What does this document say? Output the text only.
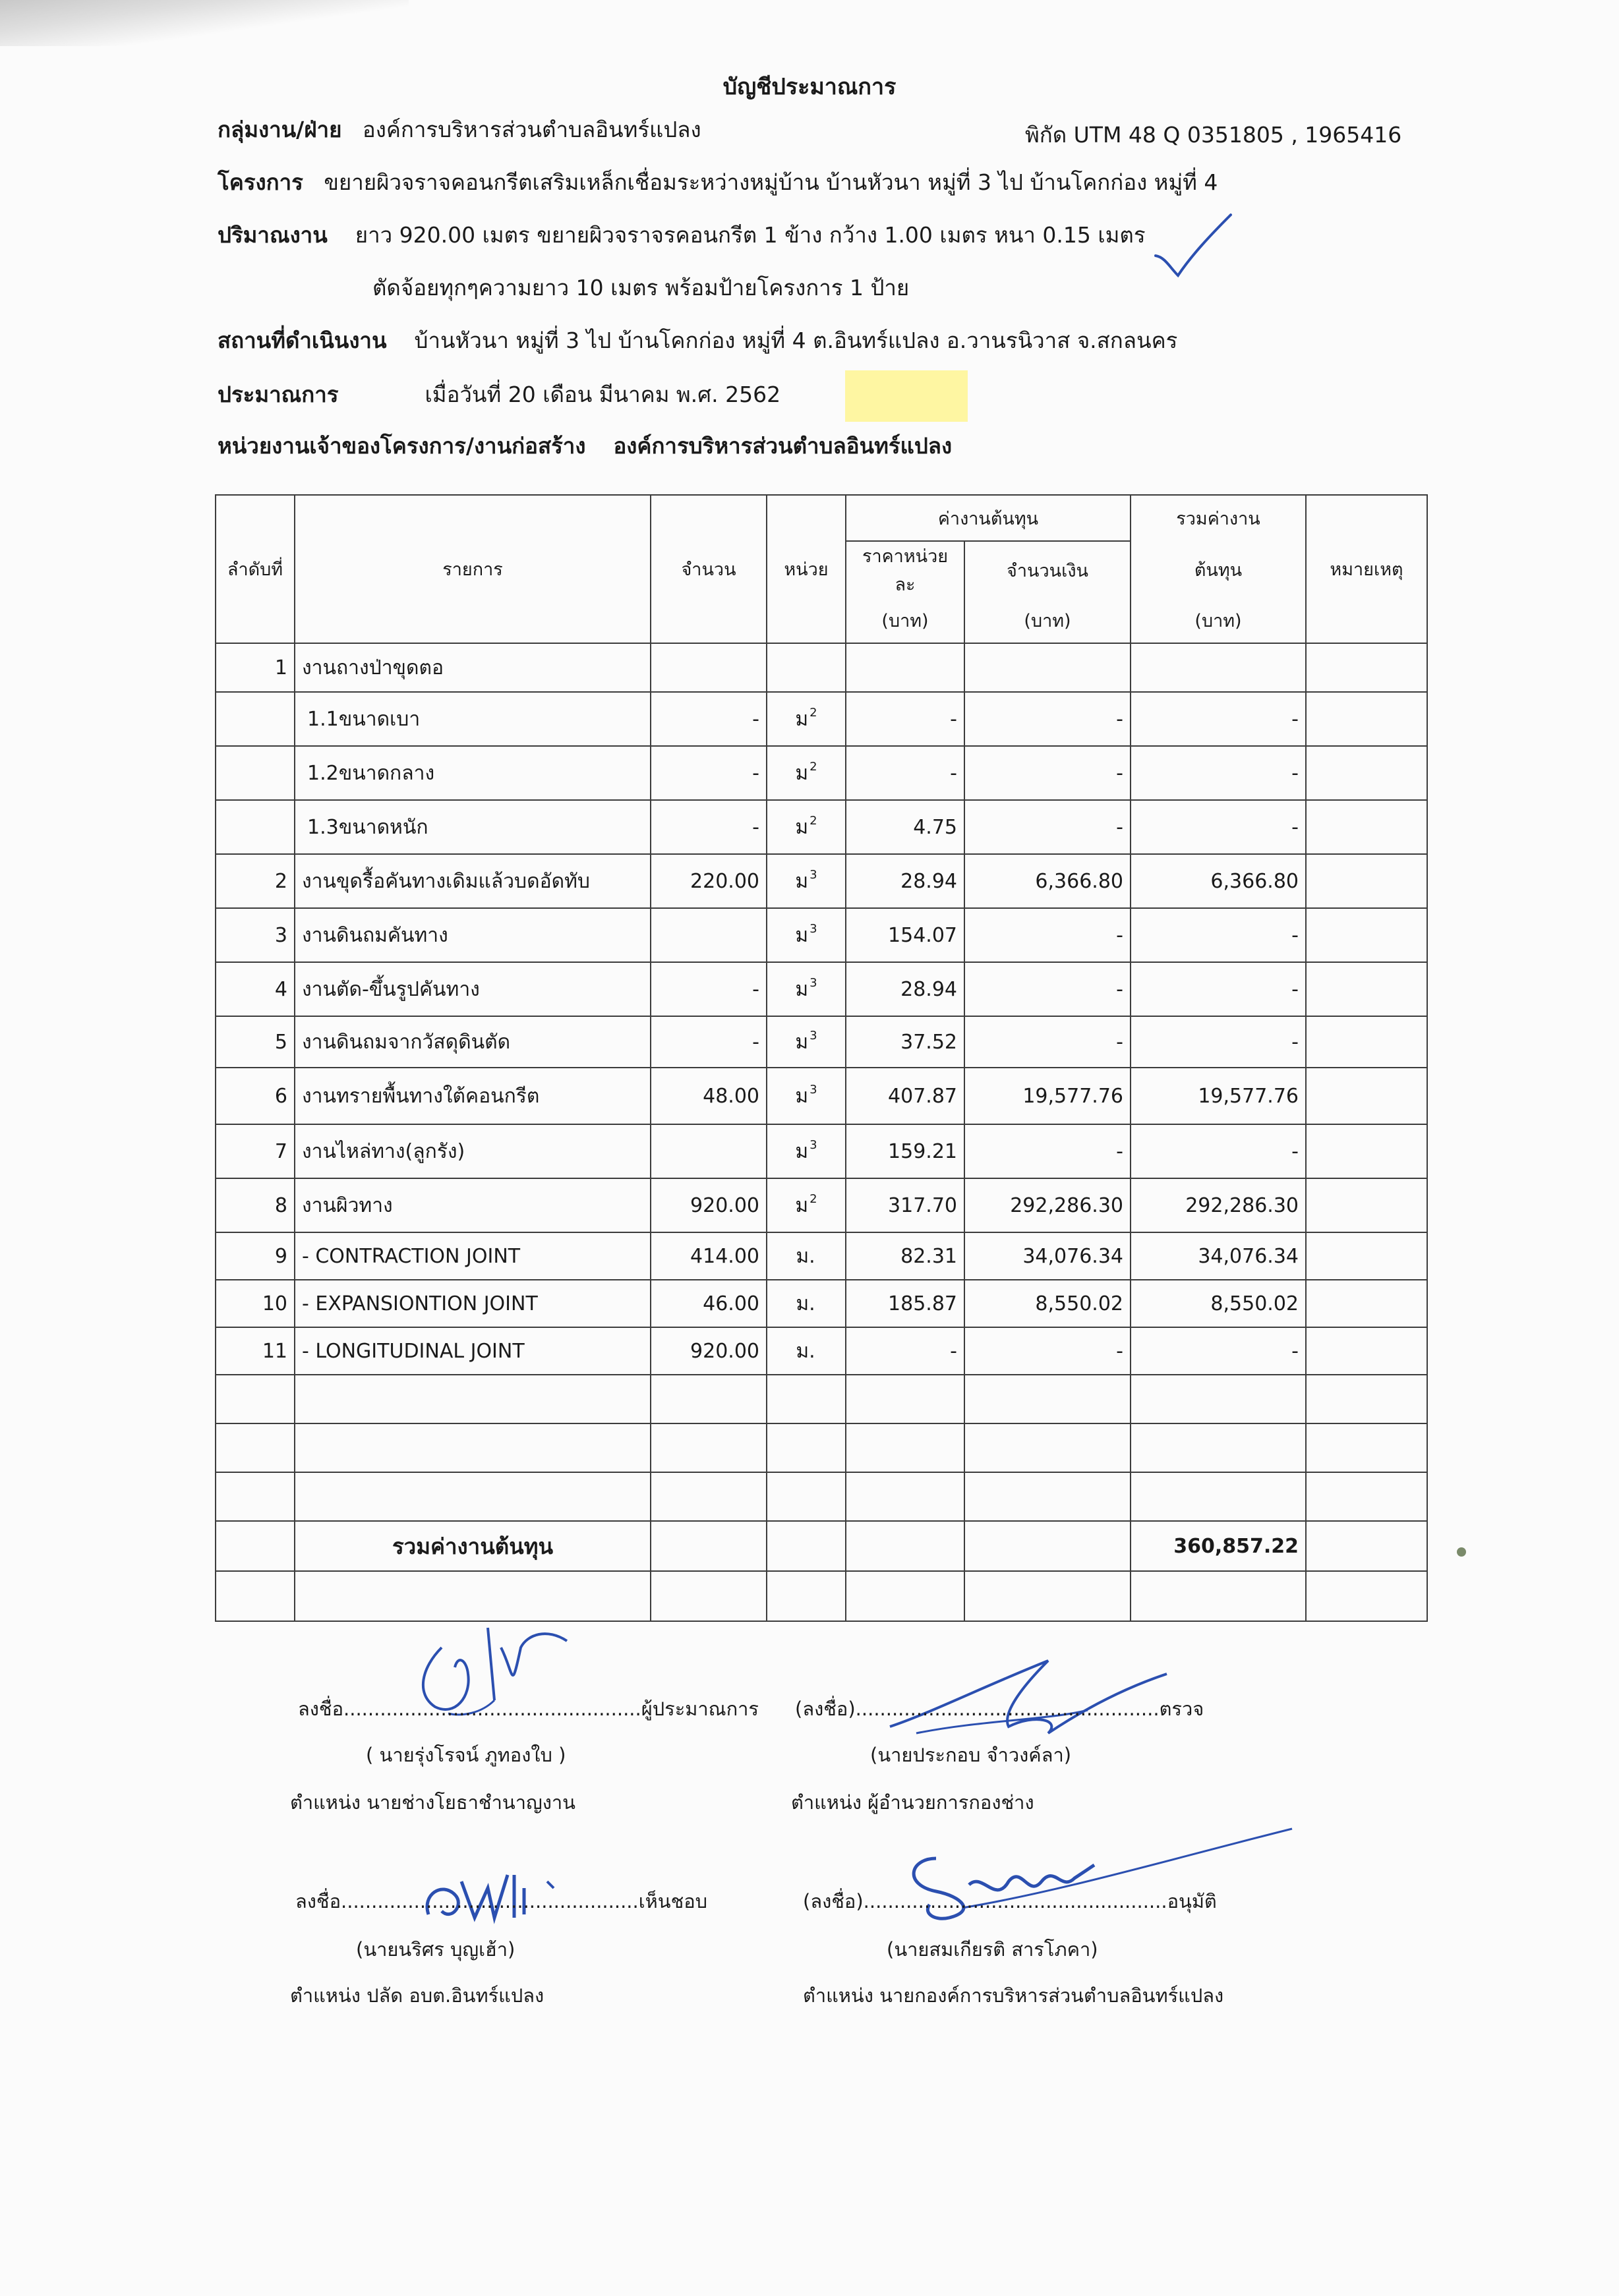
บัญชีประมาณการ
กลุ่มงาน/ฝ่าย องค์การบริหารส่วนตำบลอินทร์แปลง	พิกัด UTM 48 Q 0351805 , 1965416
โครงการ ขยายผิวจราจคอนกรีตเสริมเหล็กเชื่อมระหว่างหมู่บ้าน บ้านหัวนา หมู่ที่ 3 ไป บ้านโคกก่อง หมู่ที่ 4
ปริมาณงาน ยาว 920.00 เมตร ขยายผิวจราจรคอนกรีต 1 ข้าง กว้าง 1.00 เมตร หนา 0.15 เมตร
ตัดจ้อยทุกๆความยาว 10 เมตร พร้อมป้ายโครงการ 1 ป้าย
สถานที่ดำเนินงาน บ้านหัวนา หมู่ที่ 3 ไป บ้านโคกก่อง หมู่ที่ 4 ต.อินทร์แปลง อ.วานรนิวาส จ.สกลนคร
ประมาณการ	เมื่อวันที่ 20 เดือน มีนาคม พ.ศ. 2562
หน่วยงานเจ้าของโครงการ/งานก่อสร้าง องค์การบริหารส่วนตำบลอินทร์แปลง
ลำดับที่	รายการ	จำนวน	หน่วย	ค่างานต้นทุน		รวมค่างาน	หมายเหตุ
				ราคาหน่วยละ	จำนวนเงิน	ต้นทุน	
				(บาท)	(บาท)	(บาท)	
1	งานถางป่าขุดตอ						
	1.1ขนาดเบา	-	ม $^2$	-	-	-	
	1.2ขนาดกลาง	-	ม $^2$	-	-	-	
	1.3ขนาดหนัก	-	ม $^2$	4.75	-	-	
2	งานขุดรื้อคันทางเดิมแล้วบดอัดทับ	220.00	ม $^3$	28.94	6,366.80	6,366.80	
3	งานดินถมคันทาง		ม $^3$	154.07	-	-	
4	งานตัด-ขึ้นรูปคันทาง	-	ม $^3$	28.94	-	-	
5	งานดินถมจากวัสดุดินตัด	-	ม $^3$	37.52	-	-	
6	งานทรายพื้นทางใต้คอนกรีต	48.00	ม $^3$	407.87	19,577.76	19,577.76	
7	งานไหล่ทาง(ลูกรัง)		ม $^3$	159.21	-	-	
8	งานผิวทาง	920.00	ม $^2$	317.70	292,286.30	292,286.30	
9	- CONTRACTION JOINT	414.00	ม.	82.31	34,076.34	34,076.34	
10	- EXPANSIONTION JOINT	46.00	ม.	185.87	8,550.02	8,550.02	
11	- LONGITUDINAL JOINT	920.00	ม.	-	-	-	

	รวมค่างานต้นทุน					360,857.22	

ลงชื่อ.................................................ผู้ประมาณการ
( นายรุ่งโรจน์ ภูทองใบ )
ตำแหน่ง นายช่างโยธาชำนาญงาน
(ลงชื่อ)..................................................ตรวจ
(นายประกอบ จำวงค์ลา)
ตำแหน่ง ผู้อำนวยการกองช่าง
ลงชื่อ.................................................เห็นชอบ
(นายนริศร บุญเฮ้า)
ตำแหน่ง ปลัด อบต.อินทร์แปลง
(ลงชื่อ)..................................................อนุมัติ
(นายสมเกียรติ สารโภคา)
ตำแหน่ง นายกองค์การบริหารส่วนตำบลอินทร์แปลง
